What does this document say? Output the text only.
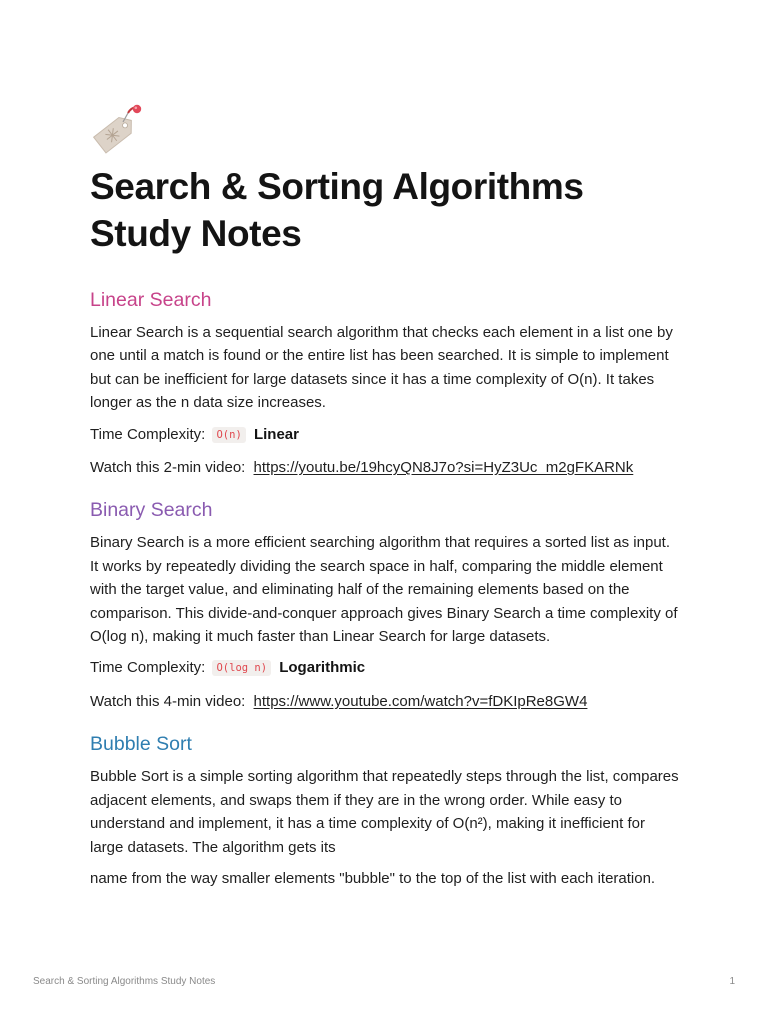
Search & Sorting Algorithms Study Notes
Linear Search

Linear Search is a sequential search algorithm that checks each element in a list one by one until a match is found or the entire list has been searched. It is simple to implement but can be inefficient for large datasets since it has a time complexity of O(n). It takes longer as the n data size increases.

Time Complexity: O(n) Linear

Watch this 2-min video: https://youtu.be/19hcyQN8J7o?si=HyZ3Uc_m2gFKARNk

Binary Search

Binary Search is a more efficient searching algorithm that requires a sorted list as input. It works by repeatedly dividing the search space in half, comparing the middle element with the target value, and eliminating half of the remaining elements based on the comparison. This divide-and-conquer approach gives Binary Search a time complexity of O(log n), making it much faster than Linear Search for large datasets.

Time Complexity: O(log n) Logarithmic

Watch this 4-min video: https://www.youtube.com/watch?v=fDKIpRe8GW4

Bubble Sort

Bubble Sort is a simple sorting algorithm that repeatedly steps through the list, compares adjacent elements, and swaps them if they are in the wrong order. While easy to understand and implement, it has a time complexity of O(n²), making it inefficient for large datasets. The algorithm gets its

name from the way smaller elements "bubble" to the top of the list with each iteration.

Search & Sorting Algorithms Study Notes	1
